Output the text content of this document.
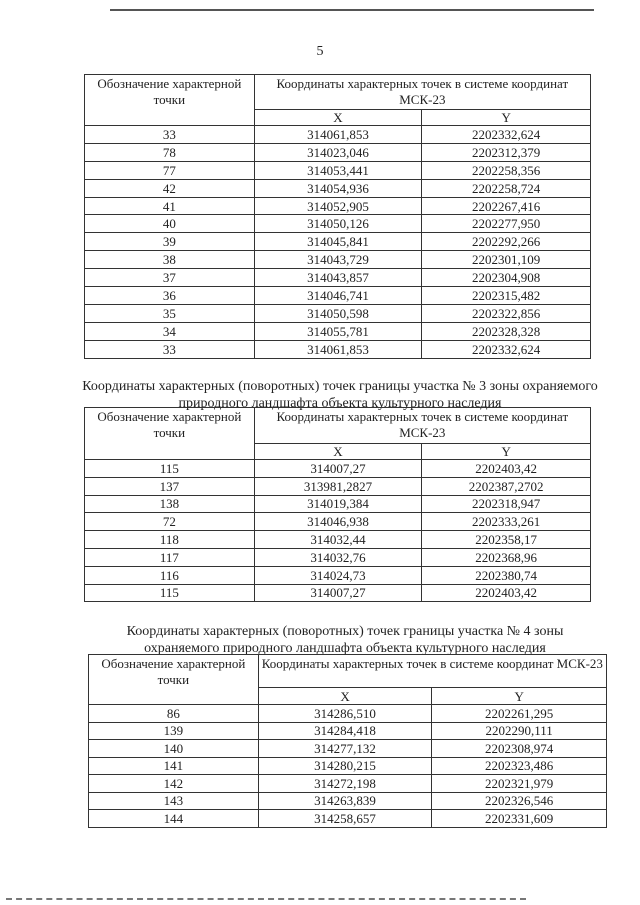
5
Обозначение характерной точки	Координаты характерных точек в системе координат МСК-23	
	X	Y
33	314061,853	2202332,624
78	314023,046	2202312,379
77	314053,441	2202258,356
42	314054,936	2202258,724
41	314052,905	2202267,416
40	314050,126	2202277,950
39	314045,841	2202292,266
38	314043,729	2202301,109
37	314043,857	2202304,908
36	314046,741	2202315,482
35	314050,598	2202322,856
34	314055,781	2202328,328
33	314061,853	2202332,624
Координаты характерных (поворотных) точек границы участка № 3 зоны охраняемого природного ландшафта объекта культурного наследия
Обозначение характерной точки	Координаты характерных точек в системе координат МСК-23	
	X	Y
115	314007,27	2202403,42
137	313981,2827	2202387,2702
138	314019,384	2202318,947
72	314046,938	2202333,261
118	314032,44	2202358,17
117	314032,76	2202368,96
116	314024,73	2202380,74
115	314007,27	2202403,42
Координаты характерных (поворотных) точек границы участка № 4 зоны охраняемого природного ландшафта объекта культурного наследия
Обозначение характерной точки	Координаты характерных точек в системе координат МСК-23	
	X	Y
86	314286,510	2202261,295
139	314284,418	2202290,111
140	314277,132	2202308,974
141	314280,215	2202323,486
142	314272,198	2202321,979
143	314263,839	2202326,546
144	314258,657	2202331,609
